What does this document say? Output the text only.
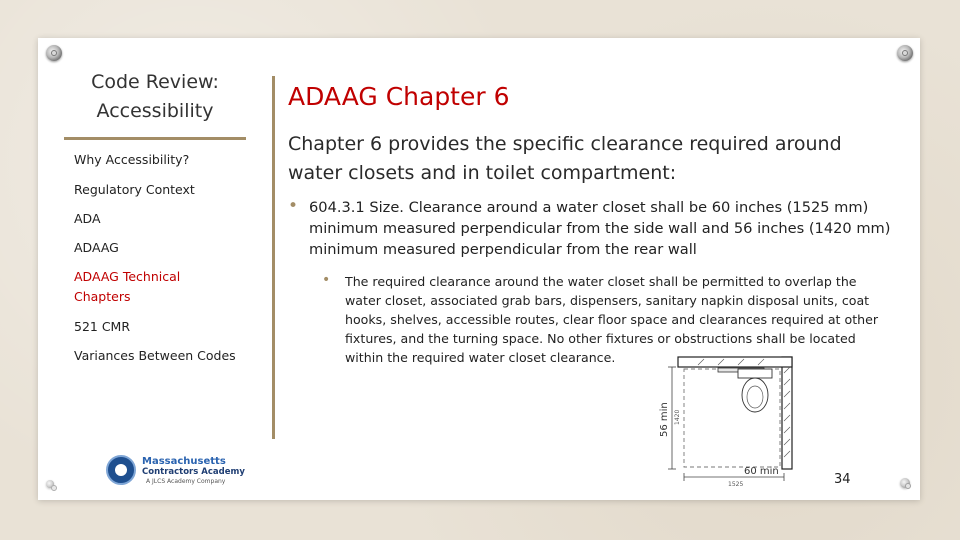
Code Review:
Accessibility
Why Accessibility?
Regulatory Context
ADA
ADAAG
ADAAG Technical Chapters
521 CMR
Variances Between Codes
Massachusetts
Contractors Academy
A JLCS Academy Company
ADAAG Chapter 6
Chapter 6 provides the specific clearance required around water closets and in toilet compartment:
• 604.3.1 Size. Clearance around a water closet shall be 60 inches (1525 mm) minimum measured perpendicular from the side wall and 56 inches (1420 mm) minimum measured perpendicular from the rear wall
• The required clearance around the water closet shall be permitted to overlap the water closet, associated grab bars, dispensers, sanitary napkin disposal units, coat hooks, shelves, accessible routes, clear floor space and clearances required at other fixtures, and the turning space. No other fixtures or obstructions shall be located within the required water closet clearance.
56 min 1420
60 min
1525	34
